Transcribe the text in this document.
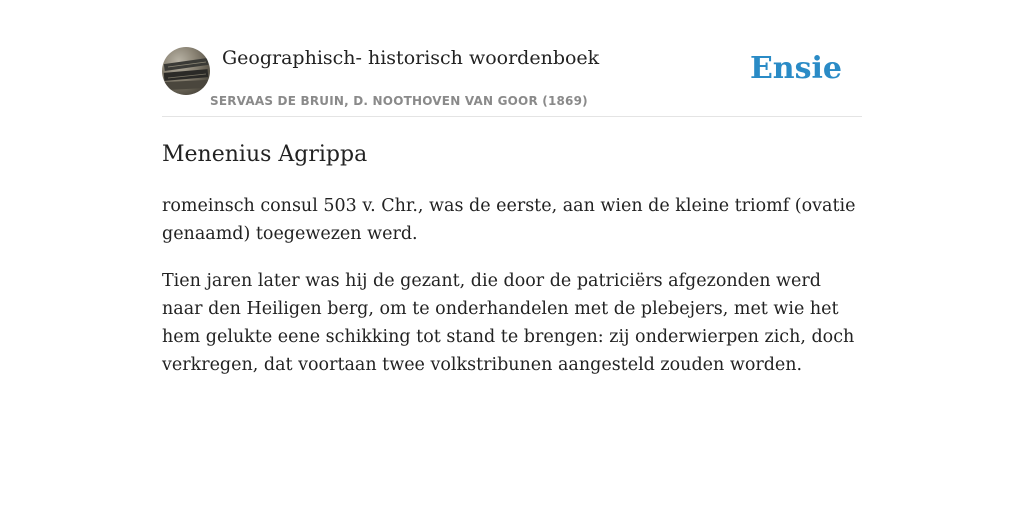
Geographisch- historisch woordenboek
SERVAAS DE BRUIN, D. NOOTHOVEN VAN GOOR (1869)
Ensie
Menenius Agrippa

romeinsch consul 503 v. Chr., was de eerste, aan wien de kleine triomf (ovatie genaamd) toegewezen werd.

Tien jaren later was hij de gezant, die door de patriciërs afgezonden werd naar den Heiligen berg, om te onderhandelen met de plebejers, met wie het hem gelukte eene schikking tot stand te brengen: zij onderwierpen zich, doch verkregen, dat voortaan twee volkstribunen aangesteld zouden worden.
